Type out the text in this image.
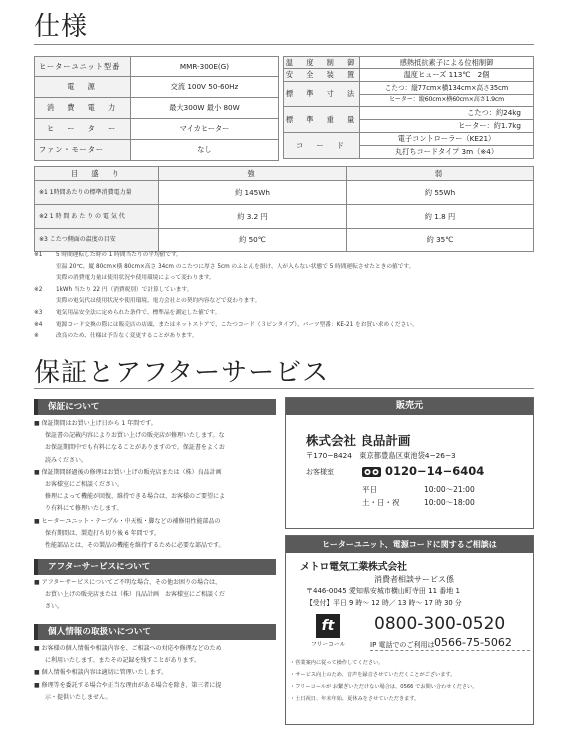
仕様
ヒーターユニット型番	MMR-300E(G)
電　源	交流 100V 50-60Hz
消　費　電　力	最大300W 最小 80W
ヒ　ー　タ　ー	マイカヒーター
ファン・モーター	なし
温　度　制　御	感熱抵抗素子による位相制御
安　全　装　置	温度ヒューズ 113℃　2個
標　準　寸　法	こたつ：縦77cm×横134cm×高さ35cm
	ヒーター：縦60cm×横60cm×高さ1.9cm
標　準　重　量	こたつ：約24kg
	ヒーター：約1.7kg
コ　ー　ド	電子コントローラー（KE21）
	丸打ちコードタイプ 3m（※4）
目　盛　り	強	弱
※1 1時間あたりの標準消費電力量	約 145Wh	約 55Wh
※2 1 時 間 あ た り の 電 気 代	約 3.2 円	約 1.8 円
※3 こたつ側面の温度の目安	約 50℃	約 35℃
※1 5 時間運転した時の 1 時間当たりの平均値です。
室温 20℃、縦 80cm×横 80cm×高さ 34cm のこたつに厚さ 5cm のふとんを掛け、人が入らない状態で 5 時間運転させたときの値です。
実際の消費電力量は使用状況や使用環境によって変わります。
※2 1kWh 当たり 22 円（消費税別）で計算しています。
実際の電気代は使用状況や使用環境、電力会社との契約内容などで変わります。
※3 電気用品安全法に定められた条件で、標準品を測定した値です。
※4 電源コード交換の際には販売店の店頭、またはネットストアで、こたつコード（３ピンタイプ）、パーツ型番：KE-21 をお買い求めください。
※	改良のため、仕様は予告なく変更することがあります。
保証とアフターサービス
保証について
■ 保証期間はお買い上げ日から 1 年間です。
保証書の記載内容によりお買い上げの販売店が修理いたします。な
お保証期間中でも有料になることがありますので、保証書をよくお
読みください。
■ 保証期間経過後の修理はお買い上げの販売店または（株）良品計画
お客様室にご相談ください。
修理によって機能が回復、維持できる場合は、お客様のご要望によ
り有料にて修理いたします。
■ ヒーターユニット・テーブル・中天板・脚などの補修用性能部品の
保有期間は、製造打ち切り後 6 年間です。
性能部品とは、その製品の機能を維持するために必要な部品です。
アフターサービスについて
■ アフターサービスについてご不明な場合、その他お困りの場合は、
お買い上げの販売店または（株）良品計画　お客様室にご相談くだ
さい。
個人情報の取扱いについて
■ お客様の個人情報や相談内容を、ご相談への対応や修理などのため
に利用いたします。またその記録を残すことがあります。
■ 個人情報や相談内容は適切に管理いたします。
■ 修理等を委託する場合や正当な理由がある場合を除き、第三者に提
示・提供いたしません。
販売元
株式会社 良品計画
〒170−8424　東京都豊島区東池袋4−26−3
お客様室	0120−14−6404
平日	10:00〜21:00
土・日・祝	10:00〜18:00
ヒーターユニット、電源コードに関するご相談は
メトロ電気工業株式会社
消費者相談サービス係
〒446-0045 愛知県安城市横山町寺田 11 番地 1
【受付】平日 9 時〜 12 時／ 13 時〜 17 時 30 分
ft
フリーコール
0800-300-0520
IP 電話でのご利用は 0566-75-5062
・営業案内に従って操作してください。
・サービス向上のため、音声を録音させていただくことがございます。
・フリーコールが お繋ぎいただけない場合は、0566 でお問い合わせください。
・土日祝日、年末年始、夏休みをさせていただきます。
